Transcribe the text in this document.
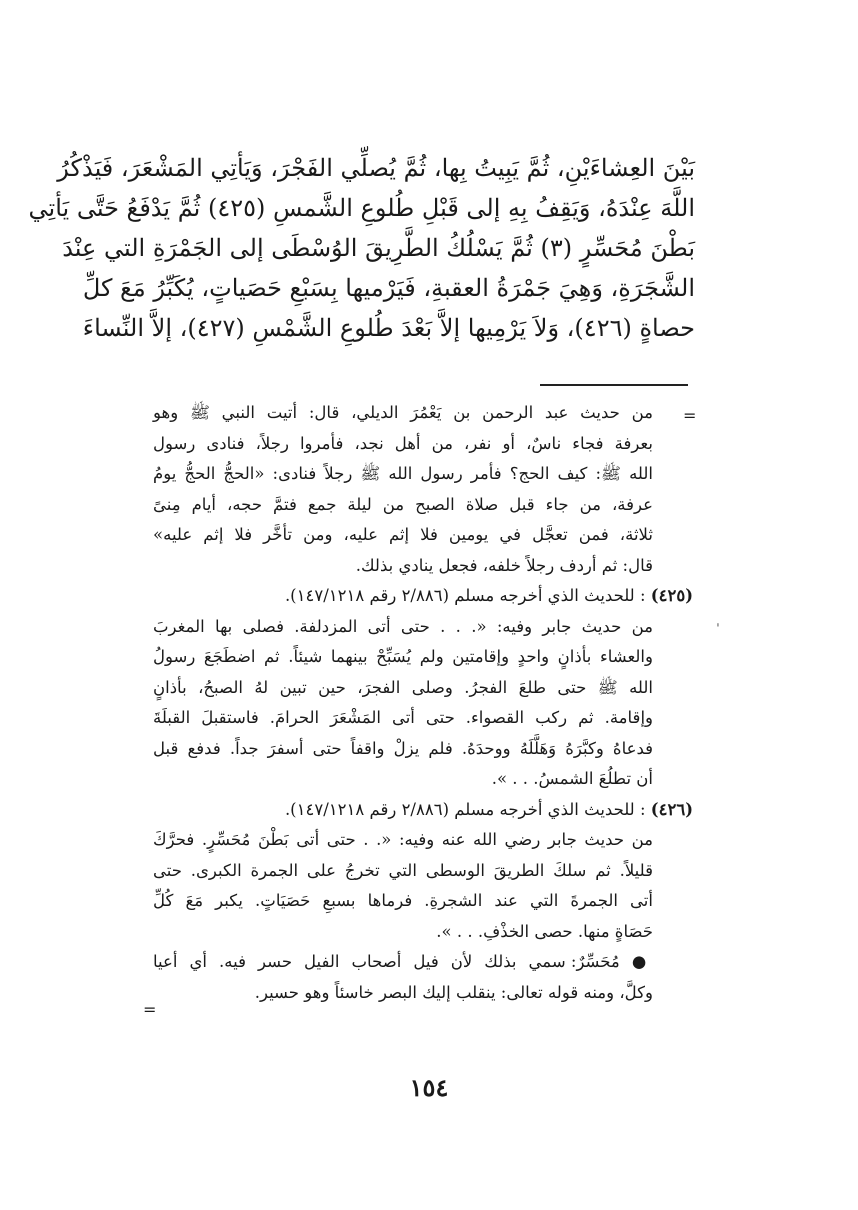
بَيْنَ العِشاءَيْنِ، ثُمَّ يَبِيتُ بِها، ثُمَّ يُصلِّي الفَجْرَ، وَيَأتِي المَشْعَرَ، فَيَذْكُرُ
اللَّهَ عِنْدَهُ، وَيَقِفُ بِهِ إلى قَبْلِ طُلوعِ الشَّمسِ (٤٢٥) ثُمَّ يَدْفَعُ حَتَّى يَأتِي
بَطْنَ مُحَسِّرٍ (٣) ثُمَّ يَسْلُكُ الطَّرِيقَ الوُسْطَى إلى الجَمْرَةِ التي عِنْدَ
الشَّجَرَةِ، وَهِيَ جَمْرَةُ العقبةِ، فَيَرْميها بِسَبْعِ حَصَياتٍ، يُكَبِّرُ مَعَ كلِّ
حصاةٍ (٤٢٦)، وَلاَ يَرْمِيها إلاَّ بَعْدَ طُلوعِ الشَّمْسِ (٤٢٧)، إلاَّ النِّساءَ
=
ˈ
من حديث عبد الرحمن بن يَعْمُرَ الديلي، قال: أتيت النبي ﷺ وهو
بعرفة فجاء ناسٌ، أو نفر، من أهل نجد، فأمروا رجلاً، فنادى رسول
الله ﷺ: كيف الحج؟ فأمر رسول الله ﷺ رجلاً فنادى: «الحجُّ الحجُّ يومُ
عرفة، من جاء قبل صلاة الصبح من ليلة جمع فتمَّ حجه، أيام مِنىً
ثلاثة، فمن تعجَّل في يومين فلا إثم عليه، ومن تأخَّر فلا إثم عليه»
قال: ثم أردف رجلاً خلفه، فجعل ينادي بذلك.
(٤٢٥) : للحديث الذي أخرجه مسلم (٢/٨٨٦ رقم ١٤٧/١٢١٨).
من حديث جابر وفيه: «. . . حتى أتى المزدلفة. فصلى بها المغربَ
والعشاء بأذانٍ واحدٍ وإقامتين ولم يُسَبِّحْ بينهما شيئاً. ثم اضطَجَعَ رسولُ
الله ﷺ حتى طلعَ الفجرُ. وصلى الفجرَ، حين تبين لهُ الصبحُ، بأذانٍ
وإقامة. ثم ركب القصواء. حتى أتى المَشْعَرَ الحرامَ. فاستقبلَ القبلَةَ
فدعاهُ وكبَّرَهُ وَهَلَّلَهُ ووحدَهُ. فلم يزلْ واقفاً حتى أسفرَ جداً. فدفع قبل
أن تطلُعَ الشمسُ. . . ».
(٤٢٦) : للحديث الذي أخرجه مسلم (٢/٨٨٦ رقم ١٤٧/١٢١٨).
من حديث جابر رضي الله عنه وفيه: «. . حتى أتى بَطْنَ مُحَسِّرٍ. فحرَّكَ
قليلاً. ثم سلكَ الطريقَ الوسطى التي تخرجُ على الجمرة الكبرى. حتى
أتى الجمرةَ التي عند الشجرةِ. فرماها بسبعِ حَصَيَاتٍ. يكبر مَعَ كُلِّ
حَصَاةٍ منها. حصى الخذْفِ. . . ».
● مُحَسِّرٌ: سمي بذلك لأن فيل أصحاب الفيل حسر فيه. أي أعيا
وكلَّ، ومنه قوله تعالى: ينقلب إليك البصر خاسئاً وهو حسير.
=
١٥٤
